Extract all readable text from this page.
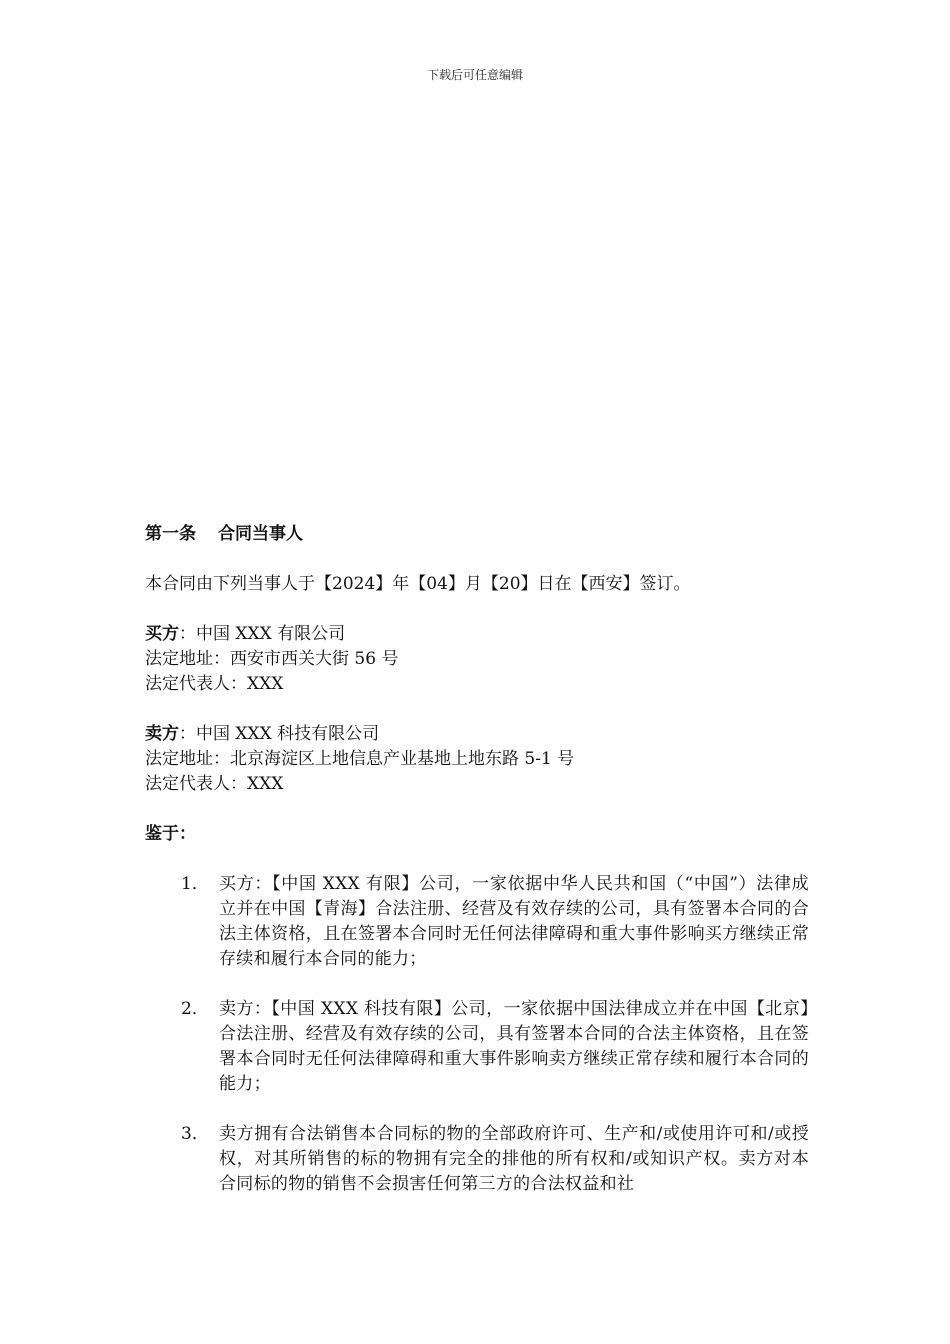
下载后可任意编辑

第一条 合同当事人

本合同由下列当事人于【2024】年【04】月【20】日在【西安】签订。

买方：中国 XXX 有限公司
法定地址：西安市西关大街 56 号
法定代表人：XXX
卖方：中国 XXX 科技有限公司
法定地址：北京海淀区上地信息产业基地上地东路 5-1 号
法定代表人：XXX

鉴于：

1． 买方：【中国 XXX 有限】公司，一家依据中华人民共和国（“中国”）法律成立并在中国【青海】合法注册、经营及有效存续的公司，具有签署本合同的合法主体资格，且在签署本合同时无任何法律障碍和重大事件影响买方继续正常存续和履行本合同的能力；
2． 卖方：【中国 XXX 科技有限】公司，一家依据中国法律成立并在中国【北京】合法注册、经营及有效存续的公司，具有签署本合同的合法主体资格，且在签署本合同时无任何法律障碍和重大事件影响卖方继续正常存续和履行本合同的能力；
3． 卖方拥有合法销售本合同标的物的全部政府许可、生产和/或使用许可和/或授权，对其所销售的标的物拥有完全的排他的所有权和/或知识产权。卖方对本合同标的物的销售不会损害任何第三方的合法权益和社
